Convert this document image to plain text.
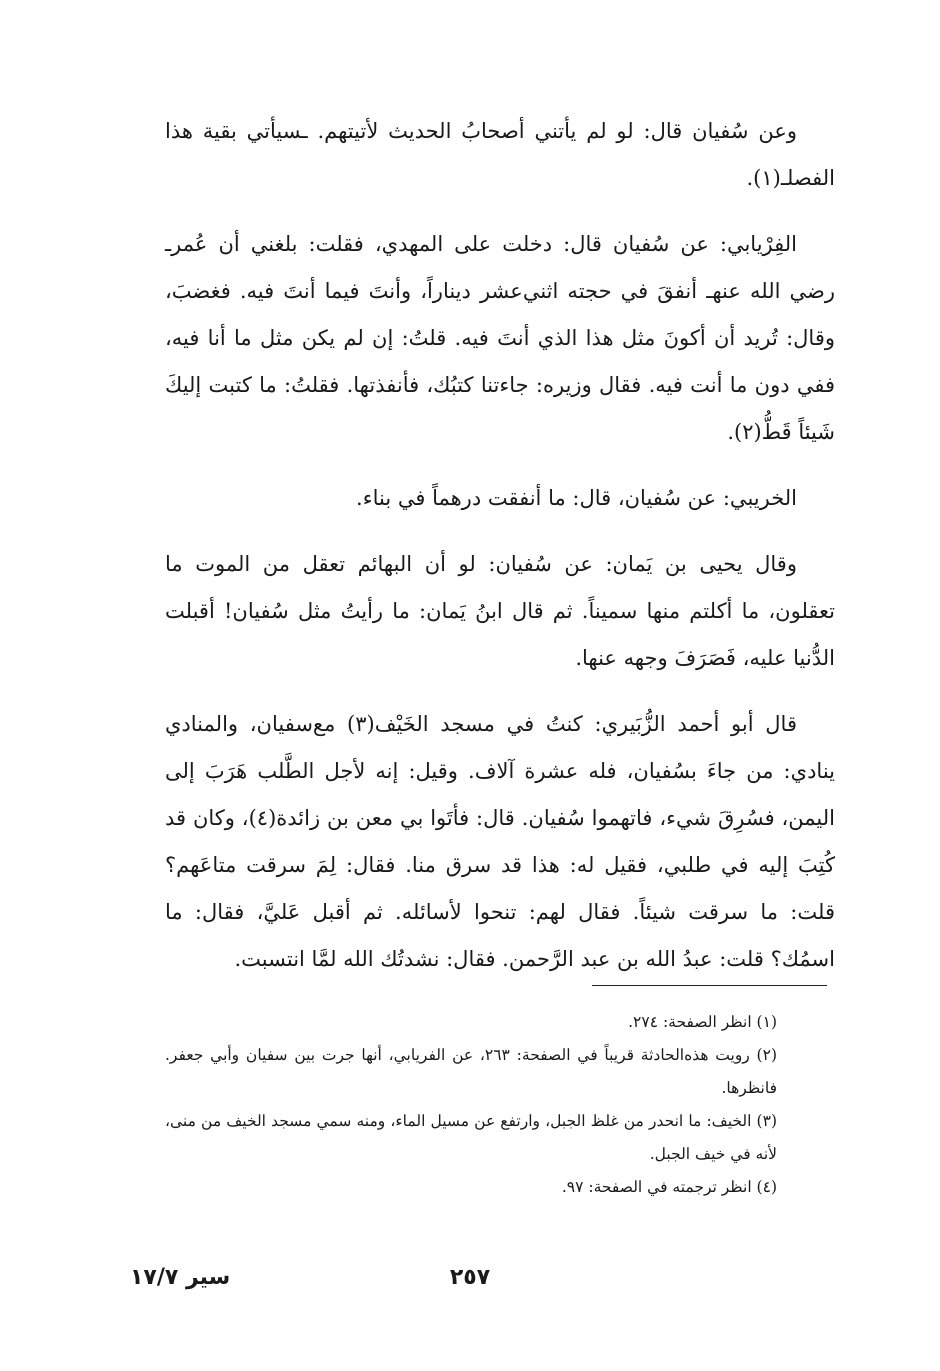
وعن سُفيان قال: لو لم يأتني أصحابُ الحديث لأتيتهم. ـسيأتي بقية هذا الفصلـ(١).

الفِرْيابي: عن سُفيان قال: دخلت على المهدي، فقلت: بلغني أن عُمرـ رضي الله عنهـ أنفقَ في حجته اثني‌عشر ديناراً، وأنتَ فيما أنتَ فيه. فغضبَ، وقال: تُريد أن أكونَ مثل هذا الذي أنتَ فيه. قلتُ: إن لم يكن مثل ما أنا فيه، ففي دون ما أنت فيه. فقال وزيره: جاءتنا كتبُك، فأنفذتها. فقلتُ: ما كتبت إليكَ شَيئاً قَطُّ(٢).

الخريبي: عن سُفيان، قال: ما أنفقت درهماً في بناء.

وقال يحيى بن يَمان: عن سُفيان: لو أن البهائم تعقل من الموت ما تعقلون، ما أكلتم منها سميناً. ثم قال ابنُ يَمان: ما رأيتُ مثل سُفيان! أقبلت الدُّنيا عليه، فَصَرَفَ وجهه عنها.

قال أبو أحمد الزُّبَيري: كنتُ في مسجد الخَيْف(٣) مع‌سفيان، والمنادي ينادي: من جاءَ بسُفيان، فله عشرة آلاف. وقيل: إنه لأجل الطَّلب هَرَبَ إلى اليمن، فسُرِقَ شيء، فاتهموا سُفيان. قال: فأتَوا بي معن بن زائدة(٤)، وكان قد كُتِبَ إليه في طلبي، فقيل له: هذا قد سرق منا. فقال: لِمَ سرقت متاعَهم؟ قلت: ما سرقت شيئاً. فقال لهم: تنحوا لأسائله. ثم أقبل عَليَّ، فقال: ما اسمُك؟ قلت: عبدُ الله بن عبد الرَّحمن. فقال: نشدتُك الله لمَّا انتسبت.

(١) انظر الصفحة: ٢٧٤.

(٢) رويت هذه‌الحادثة قريباً في الصفحة: ٢٦٣، عن الفريابي، أنها جرت بين سفيان وأبي جعفر. فانظرها.

(٣) الخيف: ما انحدر من غلظ الجبل، وارتفع عن مسيل الماء، ومنه سمي مسجد الخيف من منى، لأنه في خيف الجبل.

(٤) انظر ترجمته في الصفحة: ٩٧.

٢٥٧
سير ١٧/٧
